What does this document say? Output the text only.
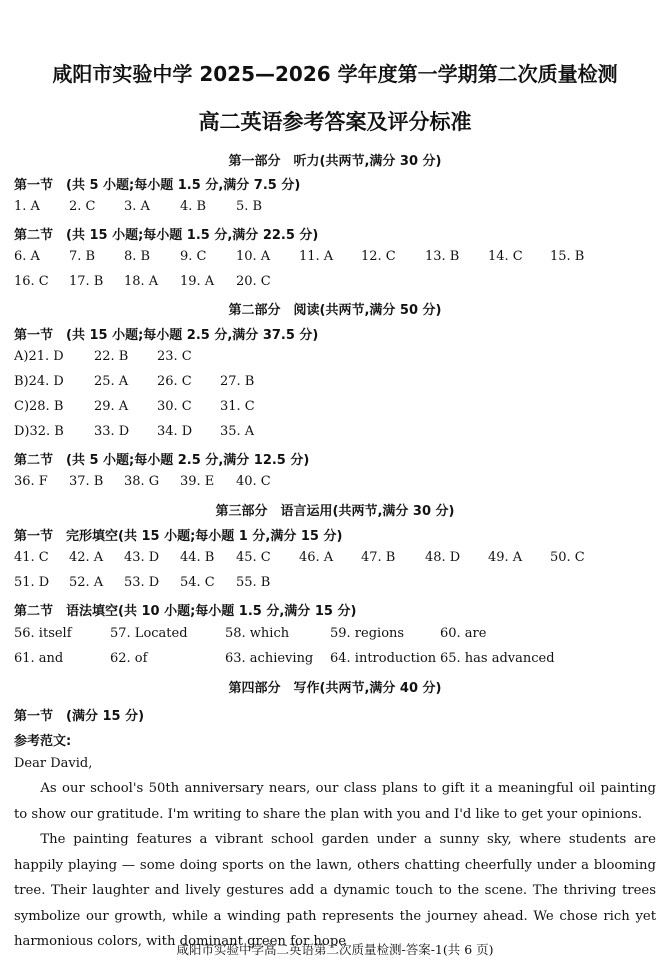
咸阳市实验中学 2025—2026 学年度第一学期第二次质量检测
高二英语参考答案及评分标准
第一部分　听力(共两节,满分 30 分)
第一节　(共 5 小题;每小题 1.5 分,满分 7.5 分)
1. A 2. C 3. A 4. B 5. B
第二节　(共 15 小题;每小题 1.5 分,满分 22.5 分)
6. A 7. B 8. B 9. C 10. A 11. A 12. C 13. B 14. C 15. B
16. C 17. B 18. A 19. A 20. C
第二部分　阅读(共两节,满分 50 分)
第一节　(共 15 小题;每小题 2.5 分,满分 37.5 分)
A)21. D 22. B 23. C
B)24. D 25. A 26. C 27. B
C)28. B 29. A 30. C 31. C
D)32. B 33. D 34. D 35. A
第二节　(共 5 小题;每小题 2.5 分,满分 12.5 分)
36. F 37. B 38. G 39. E 40. C
第三部分　语言运用(共两节,满分 30 分)
第一节　完形填空(共 15 小题;每小题 1 分,满分 15 分)
41. C 42. A 43. D 44. B 45. C 46. A 47. B 48. D 49. A 50. C
51. D 52. A 53. D 54. C 55. B
第二节　语法填空(共 10 小题;每小题 1.5 分,满分 15 分)
56. itself	57. Located	58. which	59. regions	60. are
61. and	62. of	63. achieving 64. introduction 65. has advanced
第四部分　写作(共两节,满分 40 分)
第一节　(满分 15 分)
参考范文:
Dear David,
As our school's 50th anniversary nears, our class plans to gift it a meaningful oil painting to show our gratitude. I'm writing to share the plan with you and I'd like to get your opinions.
The painting features a vibrant school garden under a sunny sky, where students are happily playing — some doing sports on the lawn, others chatting cheerfully under a blooming tree. Their laughter and lively gestures add a dynamic touch to the scene. The thriving trees symbolize our growth, while a winding path represents the journey ahead. We chose rich yet harmonious colors, with dominant green for hope
咸阳市实验中学高二英语第二次质量检测-答案-1(共 6 页)
